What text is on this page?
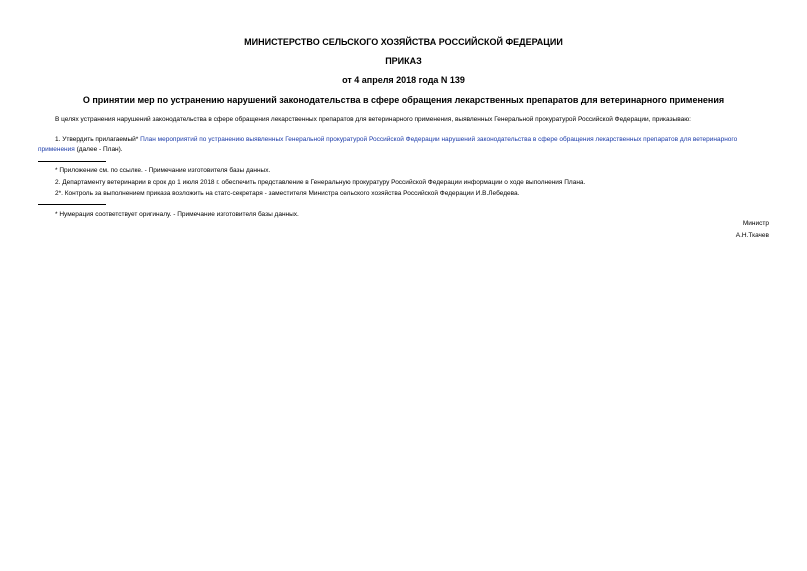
МИНИСТЕРСТВО СЕЛЬСКОГО ХОЗЯЙСТВА РОССИЙСКОЙ ФЕДЕРАЦИИ
ПРИКАЗ
от 4 апреля 2018 года N 139
О принятии мер по устранению нарушений законодательства в сфере обращения лекарственных препаратов для ветеринарного применения
В целях устранения нарушений законодательства в сфере обращения лекарственных препаратов для ветеринарного применения, выявленных Генеральной прокуратурой Российской Федерации, приказываю:
1. Утвердить прилагаемый* План мероприятий по устранению выявленных Генеральной прокуратурой Российской Федерации нарушений законодательства в сфере обращения лекарственных препаратов для ветеринарного применения (далее - План).
* Приложение см. по ссылке. - Примечание изготовителя базы данных.
2. Департаменту ветеринарии в срок до 1 июля 2018 г. обеспечить представление в Генеральную прокуратуру Российской Федерации информации о ходе выполнения Плана.
2*. Контроль за выполнением приказа возложить на статс-секретаря - заместителя Министра сельского хозяйства Российской Федерации И.В.Лебедева.
* Нумерация соответствует оригиналу. - Примечание изготовителя базы данных.
Министр
А.Н.Ткачев
